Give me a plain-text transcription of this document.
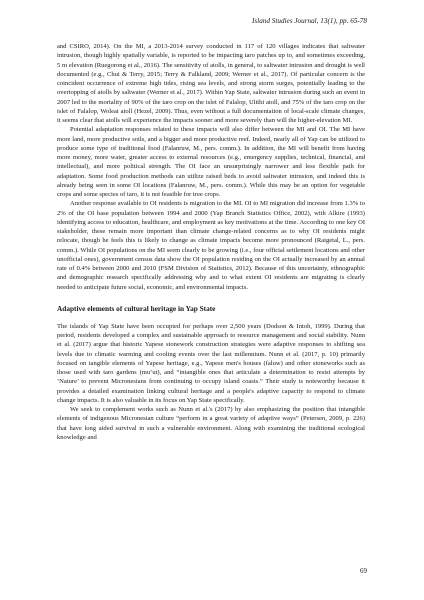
Island Studies Journal, 13(1), pp. 65-78

and CSIRO, 2014). On the MI, a 2013-2014 survey conducted in 117 of 120 villages indicates that saltwater intrusion, though highly spatially variable, is reported to be impacting taro patches up to, and sometimes exceeding, 5 m elevation (Ruegorong et al., 2016). The sensitivity of atolls, in general, to saltwater intrusion and drought is well documented (e.g., Chui & Terry, 2015; Terry & Falkland, 2009; Werner et al., 2017). Of particular concern is the coincident occurrence of extreme high tides, rising sea levels, and strong storm surges, potentially leading to the overtopping of atolls by saltwater (Werner et al., 2017). Within Yap State, saltwater intrusion during such an event in 2007 led to the mortality of 90% of the taro crop on the islet of Falalop, Ulithi atoll, and 75% of the taro crop on the islet of Falalop, Woleai atoll (Hezel, 2009). Thus, even without a full documentation of local-scale climate changes, it seems clear that atolls will experience the impacts sooner and more severely than will the higher-elevation MI.

Potential adaptation responses related to these impacts will also differ between the MI and OI. The MI have more land, more productive soils, and a bigger and more productive reef. Indeed, nearly all of Yap can be utilized to produce some type of traditional food (Falanruw, M., pers. comm.). In addition, the MI will benefit from having more money, more water, greater access to external resources (e.g., emergency supplies, technical, financial, and intellectual), and more political strength. The OI face an unsurprisingly narrower and less flexible path for adaptation. Some food production methods can utilize raised beds to avoid saltwater intrusion, and indeed this is already being seen in some OI locations (Falanruw, M., pers. comm.). While this may be an option for vegetable crops and some species of taro, it is not feasible for tree crops.

Another response available to OI residents is migration to the MI. OI to MI migration did increase from 1.3% to 2% of the OI base population between 1994 and 2000 (Yap Branch Statistics Office, 2002), with Alkire (1993) identifying access to education, healthcare, and employment as key motivations at the time. According to one key OI stakeholder, these remain more important than climate change-related concerns as to why OI residents might relocate, though he feels this is likely to change as climate impacts become more pronounced (Raigetal, L., pers. comm.). While OI populations on the MI seem clearly to be growing (i.e., four official settlement locations and other unofficial ones), government census data show the OI population residing on the OI actually increased by an annual rate of 0.4% between 2000 and 2010 (FSM Division of Statistics, 2012). Because of this uncertainty, ethnographic and demographic research specifically addressing why and to what extent OI residents are migrating is clearly needed to anticipate future social, economic, and environmental impacts.

Adaptive elements of cultural heritage in Yap State

The islands of Yap State have been occupied for perhaps over 2,500 years (Dodson & Intoh, 1999). During that period, residents developed a complex and sustainable approach to resource management and social stability. Nunn et al. (2017) argue that historic Yapese stonework construction strategies were adaptive responses to shifting sea levels due to climatic warming and cooling events over the last millennium. Nunn et al. (2017, p. 10) primarily focused on tangible elements of Yapese heritage, e.g., Yapese men's houses (faluw) and other stoneworks such as those used with taro gardens (muʼut), and “intangible ones that articulate a determination to resist attempts by ‘Nature’ to prevent Micronesians from continuing to occupy island coasts.” Their study is noteworthy because it provides a detailed examination linking cultural heritage and a people's adaptive capacity to respond to climate change impacts. It is also valuable in its focus on Yap State specifically.

We seek to complement works such as Nunn et al.'s (2017) by also emphasizing the position that intangible elements of indigenous Micronesian culture “perform in a great variety of adaptive ways” (Petersen, 2009, p. 226) that have long aided survival in such a vulnerable environment. Along with examining the traditional ecological knowledge and

69
